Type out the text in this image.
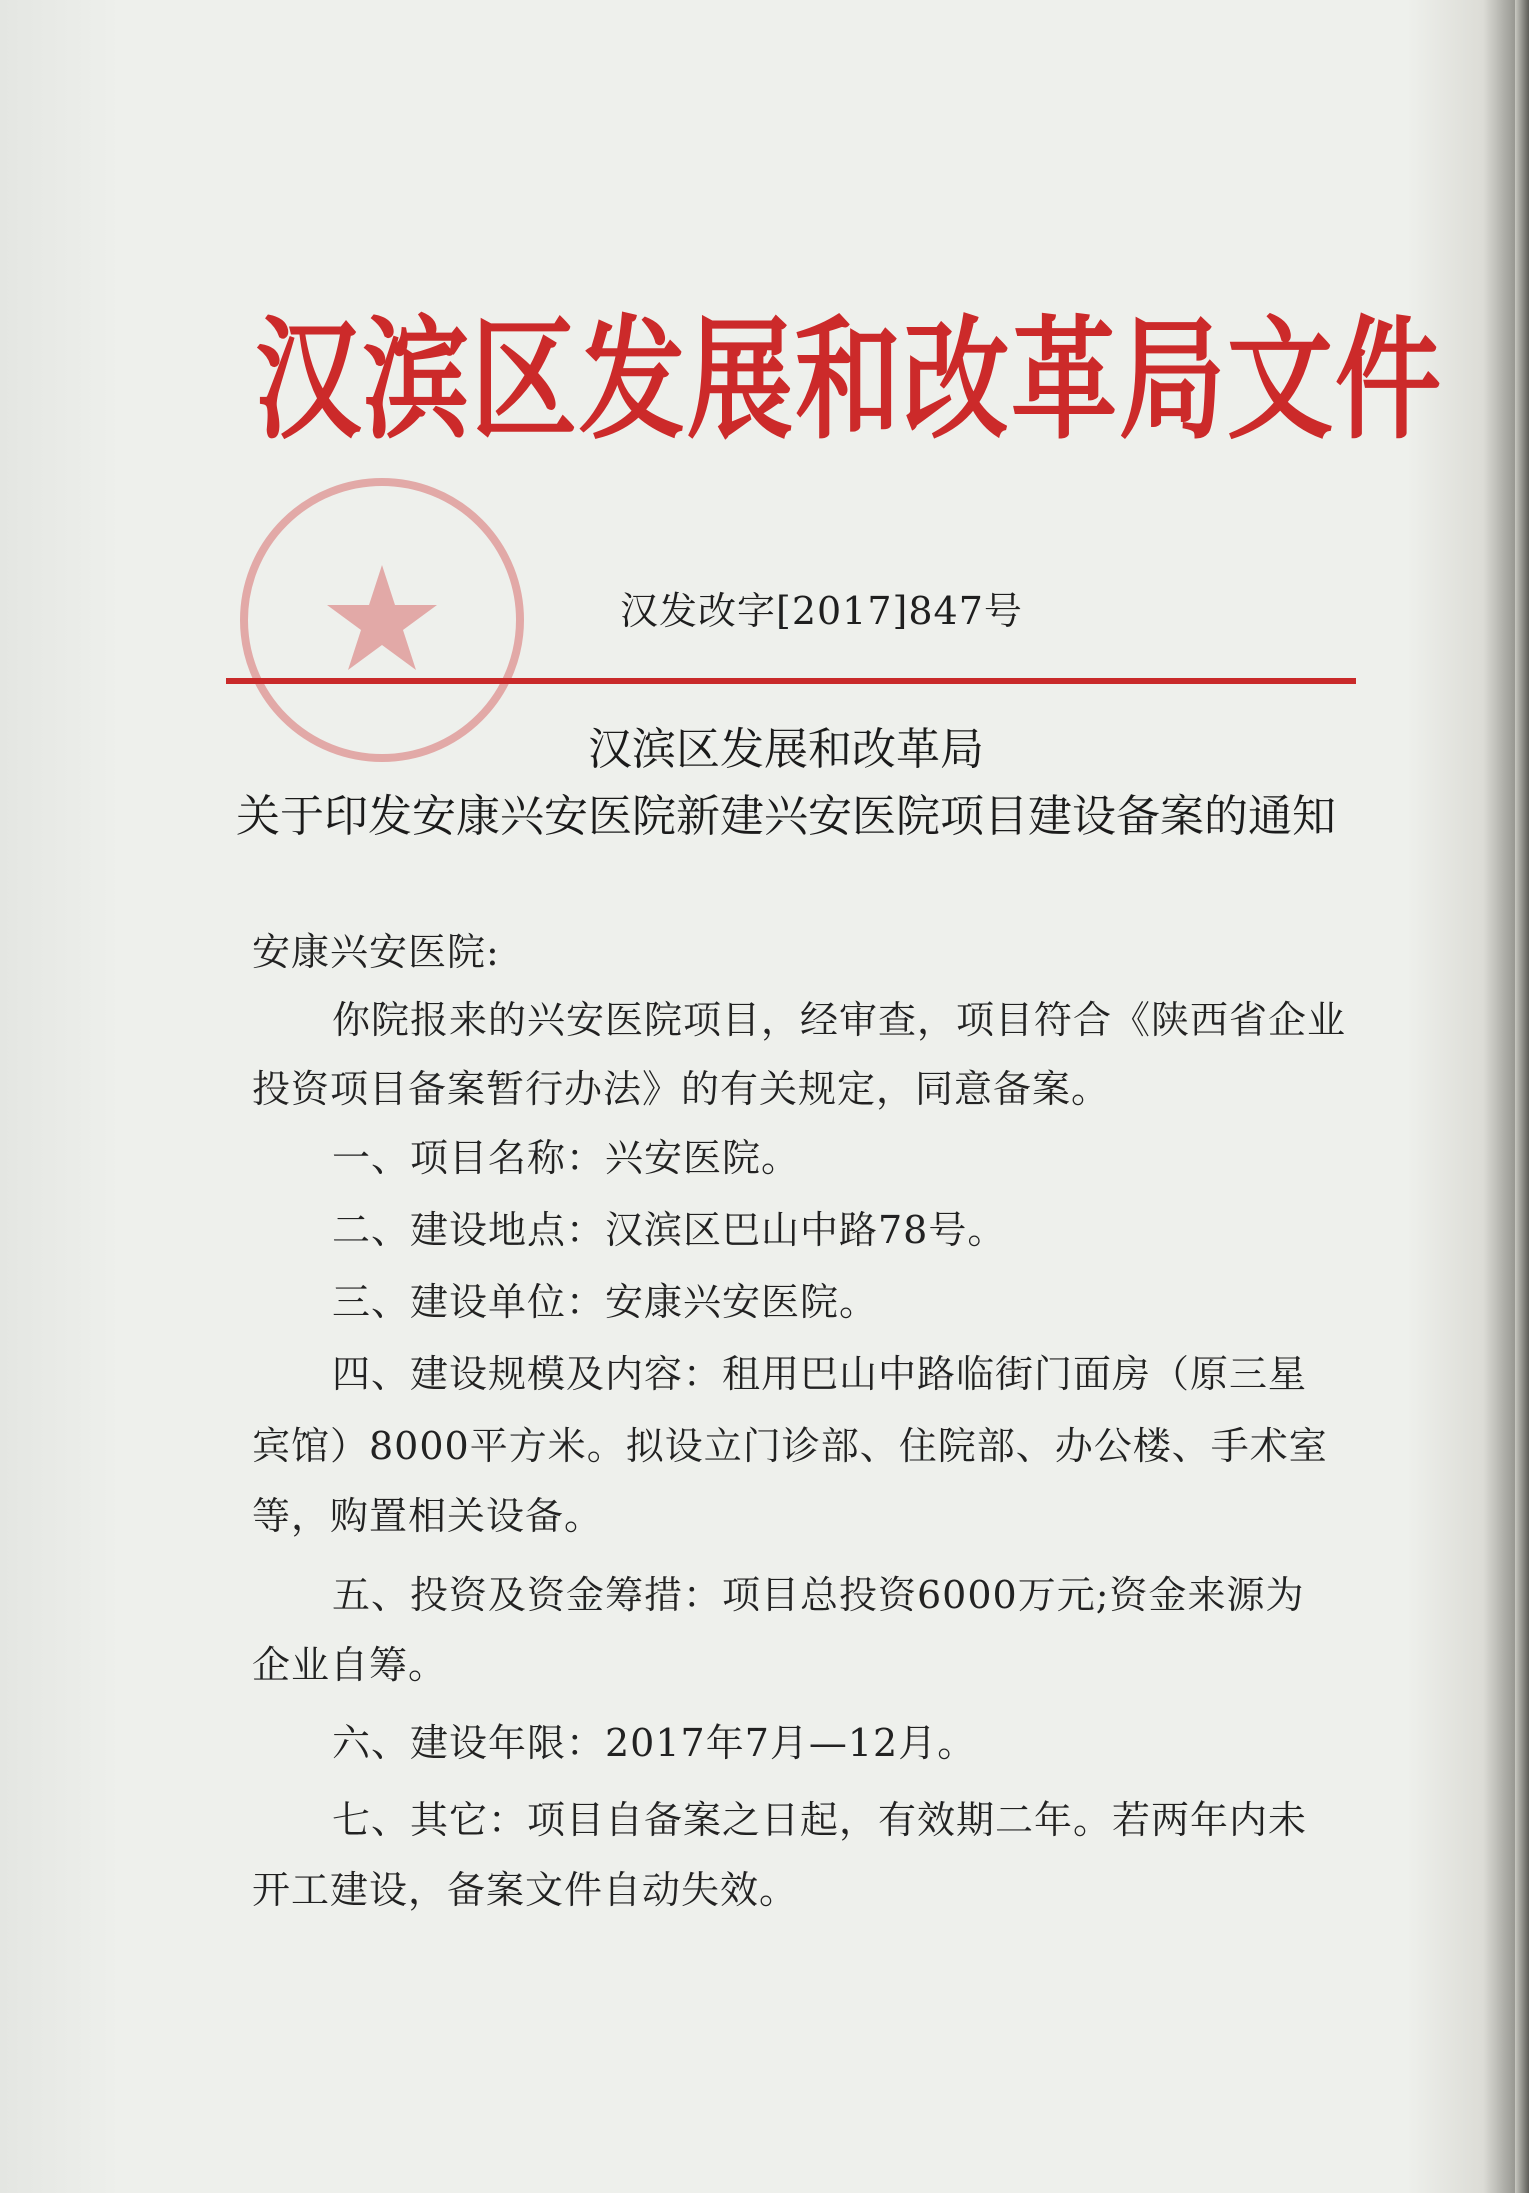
汉滨区发展和改革局文件
汉发改字[2017]847号
汉滨区发展和改革局
关于印发安康兴安医院新建兴安医院项目建设备案的通知
安康兴安医院:
你院报来的兴安医院项目，经审查，项目符合《陕西省企业
投资项目备案暂行办法》的有关规定，同意备案。
一、项目名称：兴安医院。
二、建设地点：汉滨区巴山中路78号。
三、建设单位：安康兴安医院。
四、建设规模及内容：租用巴山中路临街门面房（原三星
宾馆）8000平方米。拟设立门诊部、住院部、办公楼、手术室
等，购置相关设备。
五、投资及资金筹措：项目总投资6000万元;资金来源为
企业自筹。
六、建设年限：2017年7月—12月。
七、其它：项目自备案之日起，有效期二年。若两年内未
开工建设，备案文件自动失效。
